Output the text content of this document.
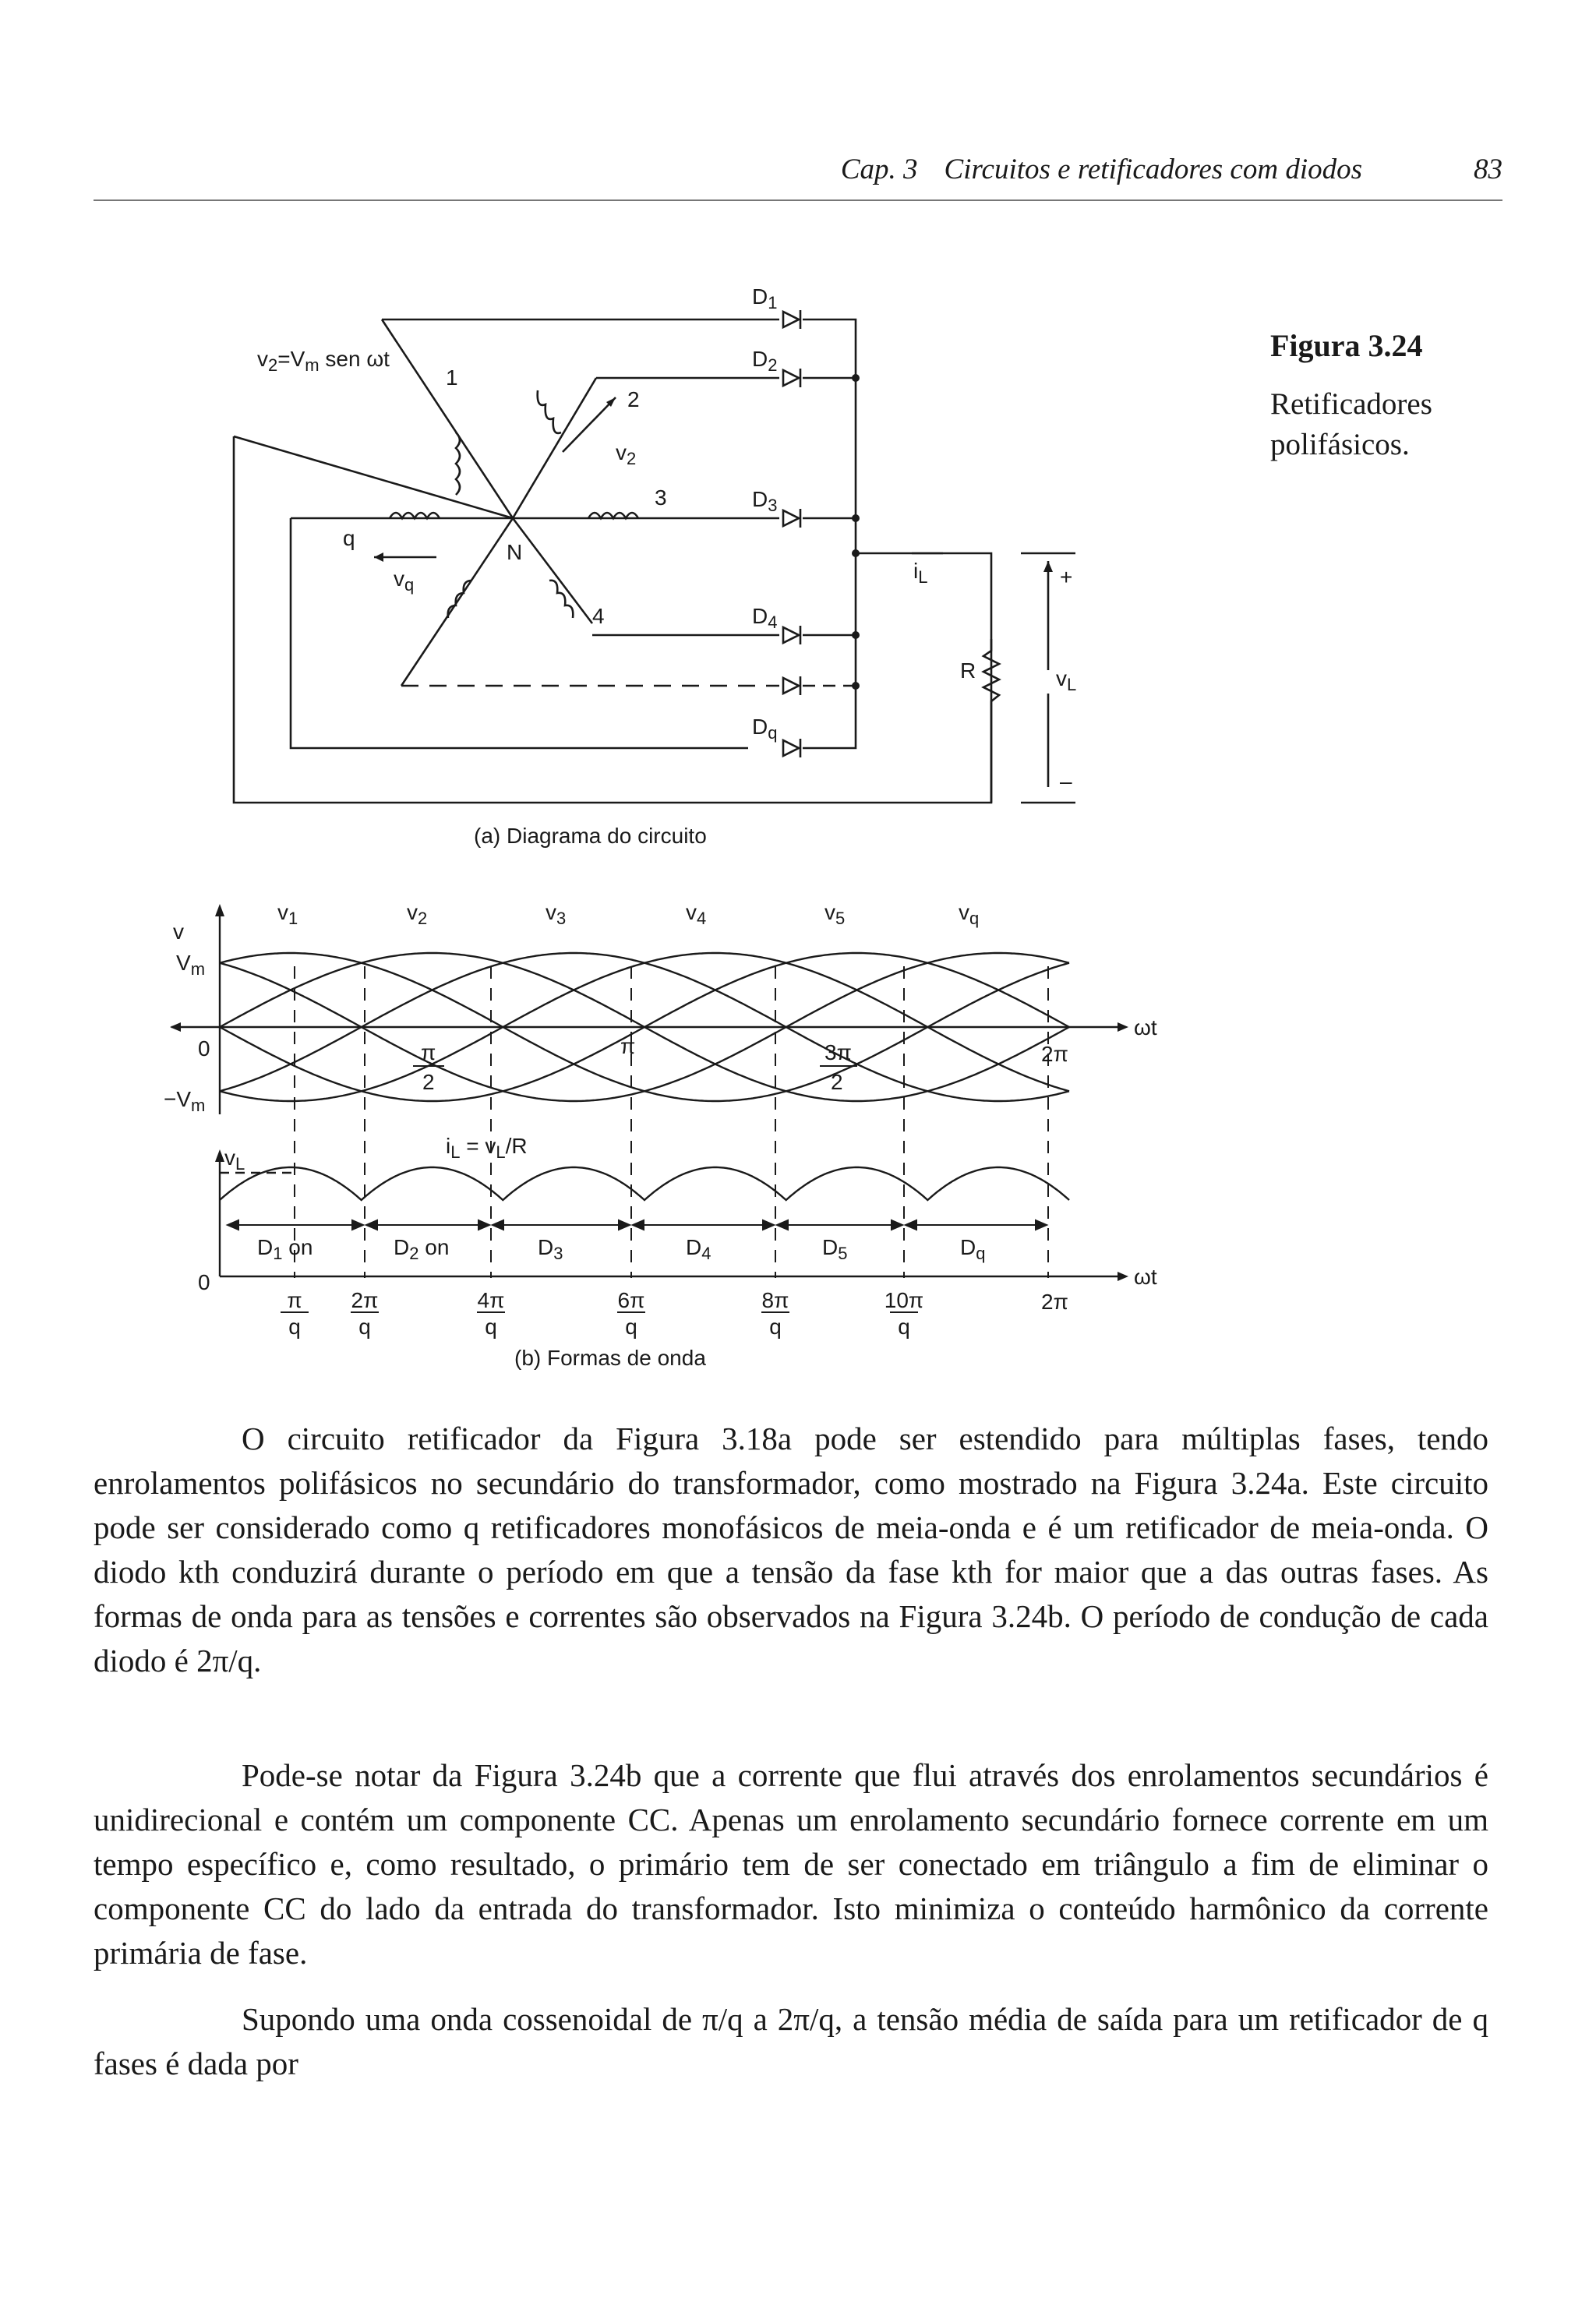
Cap. 3 Circuitos e retificadores com diodos	83
Figura 3.24
Retificadores polifásicos.
$v_2=V_m$ sen ωt
1
2
3
4
q
$v_2$
$v_q$
N
$D_1$
$D_2$
$D_3$
$D_4$
$D_q$
$i_L$
R	$v_L$
+
–
(a) Diagrama do circuito
v
$V_m$
0
$-V_m$
0
ωt
ωt
$v_1$	$v_2$	$v_3$	$v_4$	$v_5$	$v_q$
π
2
π	3π
2
2π
$v_L$
$i_L = v_L/R$
$D_1$ on	$D_2$ on	$D_3$	$D_4$	$D_5$	$D_q$
π
q
2π
q
4π
q
6π
q
8π
q
10π
q
2π
(b) Formas de onda

O circuito retificador da Figura 3.18a pode ser estendido para múltiplas fases, tendo enrolamentos polifásicos no secundário do transformador, como mostrado na Figura 3.24a. Este circuito pode ser considerado como q retificadores monofásicos de meia-onda e é um retificador de meia-onda. O diodo kth conduzirá durante o período em que a tensão da fase kth for maior que a das outras fases. As formas de onda para as tensões e correntes são observados na Figura 3.24b. O período de condução de cada diodo é 2π/q.

Pode-se notar da Figura 3.24b que a corrente que flui através dos enrolamentos secundários é unidirecional e contém um componente CC. Apenas um enrolamento secundário fornece corrente em um tempo específico e, como resultado, o primário tem de ser conectado em triângulo a fim de eliminar o componente CC do lado da entrada do transformador. Isto minimiza o conteúdo harmônico da corrente primária de fase.

Supondo uma onda cossenoidal de π/q a 2π/q, a tensão média de saída para um retificador de q fases é dada por
